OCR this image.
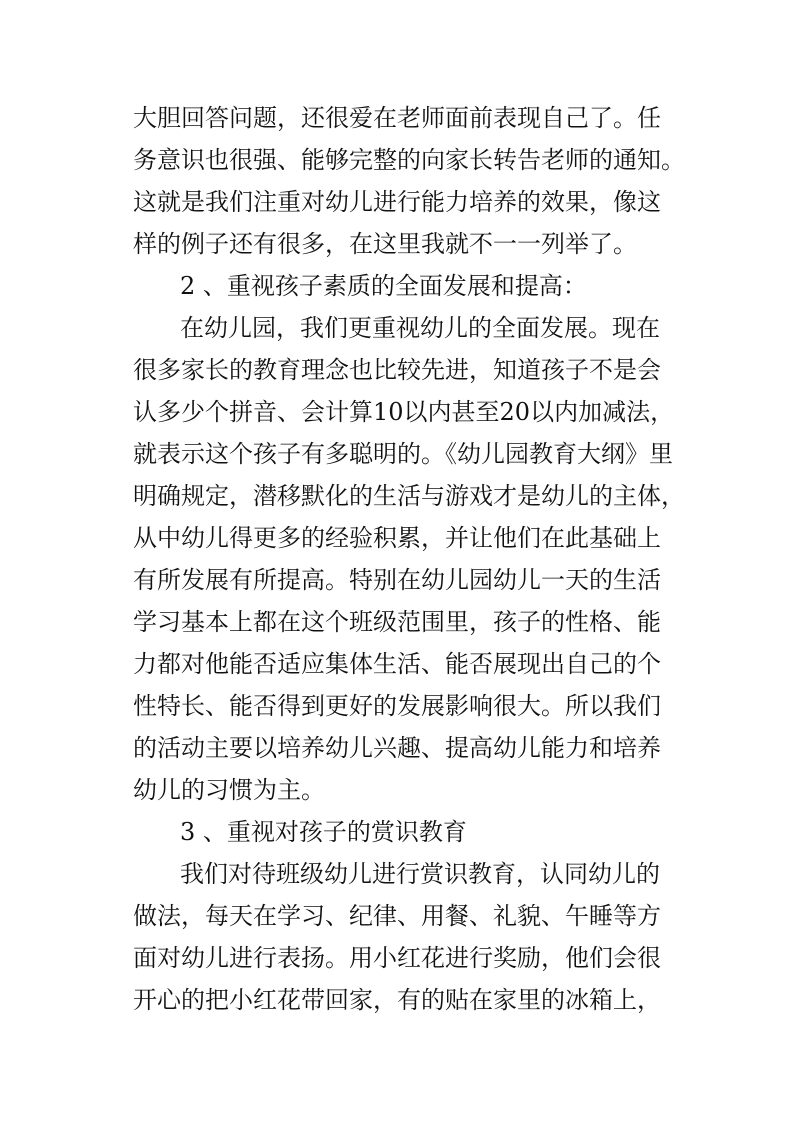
大胆回答问题，还很爱在老师面前表现自己了。任
务意识也很强、能够完整的向家长转告老师的通知。
这就是我们注重对幼儿进行能力培养的效果，像这
样的例子还有很多，在这里我就不一一列举了。
2 、重视孩子素质的全面发展和提高：
在幼儿园，我们更重视幼儿的全面发展。现在
很多家长的教育理念也比较先进，知道孩子不是会
认多少个拼音、会计算10以内甚至20以内加减法，
就表示这个孩子有多聪明的。《幼儿园教育大纲》里
明确规定，潜移默化的生活与游戏才是幼儿的主体，
从中幼儿得更多的经验积累，并让他们在此基础上
有所发展有所提高。特别在幼儿园幼儿一天的生活
学习基本上都在这个班级范围里，孩子的性格、能
力都对他能否适应集体生活、能否展现出自己的个
性特长、能否得到更好的发展影响很大。所以我们
的活动主要以培养幼儿兴趣、提高幼儿能力和培养
幼儿的习惯为主。
3 、重视对孩子的赏识教育
我们对待班级幼儿进行赏识教育，认同幼儿的
做法，每天在学习、纪律、用餐、礼貌、午睡等方
面对幼儿进行表扬。用小红花进行奖励，他们会很
开心的把小红花带回家，有的贴在家里的冰箱上，
